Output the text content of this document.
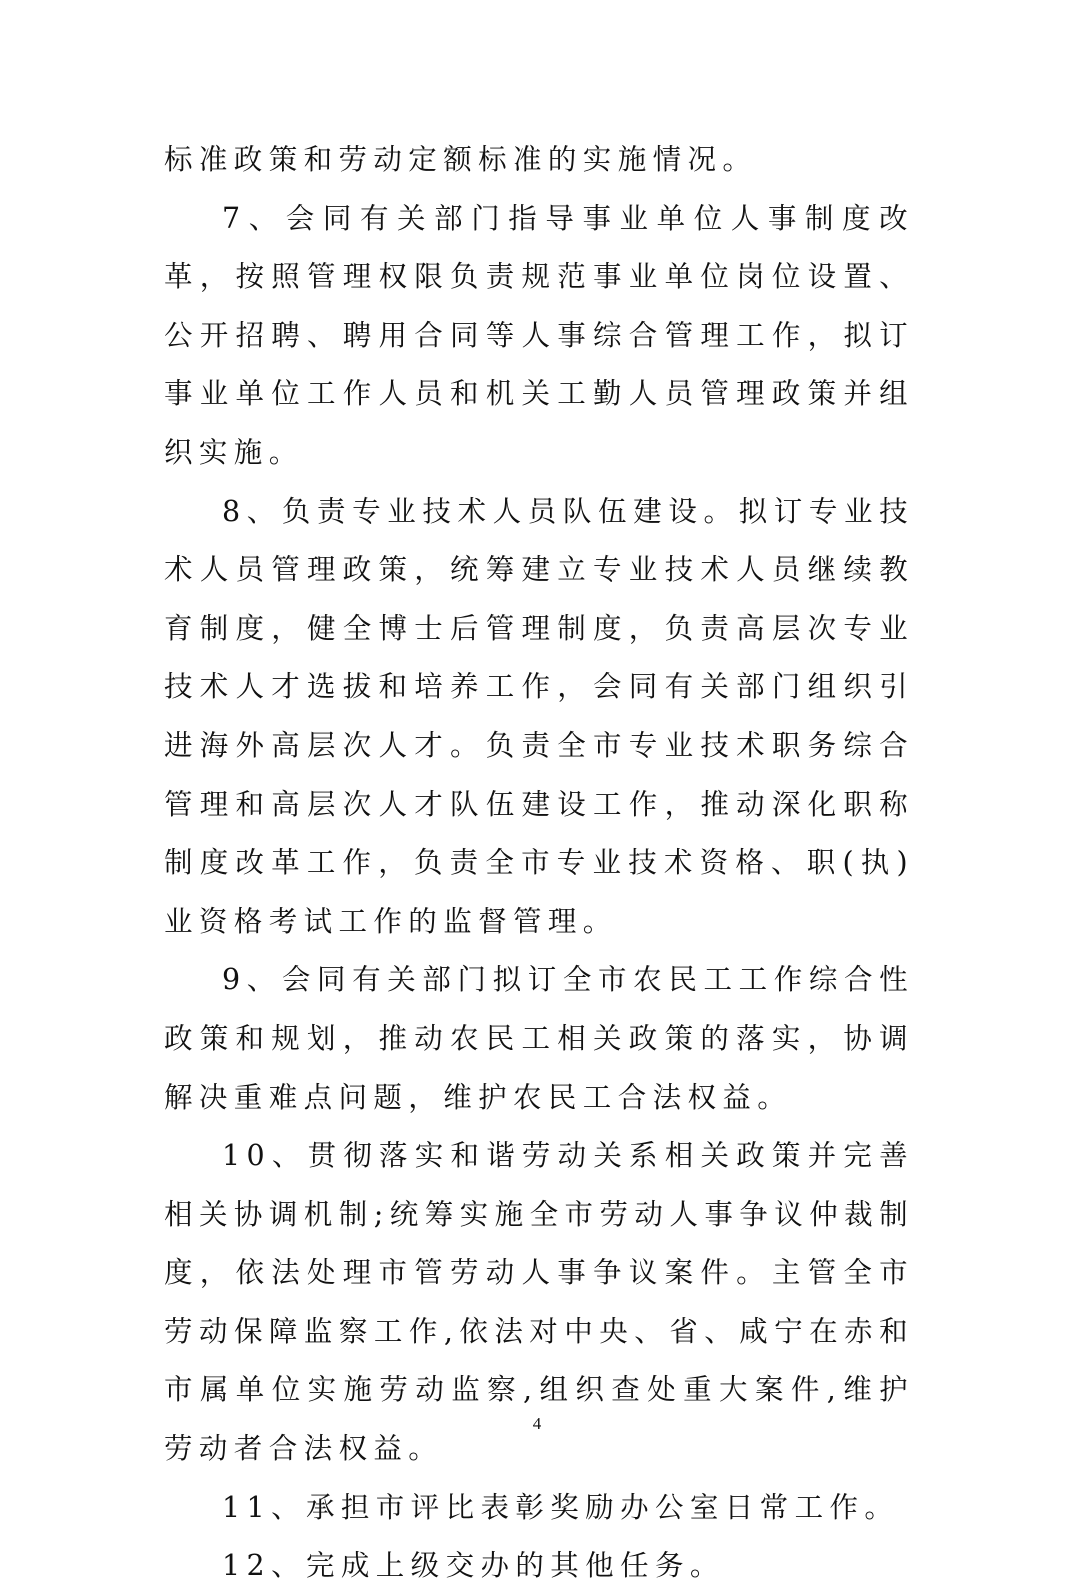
标准政策和劳动定额标准的实施情况。

7、会同有关部门指导事业单位人事制度改革，按照管理权限负责规范事业单位岗位设置、公开招聘、聘用合同等人事综合管理工作，拟订事业单位工作人员和机关工勤人员管理政策并组织实施。

8、负责专业技术人员队伍建设。拟订专业技术人员管理政策，统筹建立专业技术人员继续教育制度，健全博士后管理制度，负责高层次专业技术人才选拔和培养工作，会同有关部门组织引进海外高层次人才。负责全市专业技术职务综合管理和高层次人才队伍建设工作，推动深化职称制度改革工作，负责全市专业技术资格、职(执)业资格考试工作的监督管理。

9、会同有关部门拟订全市农民工工作综合性政策和规划，推动农民工相关政策的落实，协调解决重难点问题，维护农民工合法权益。

10、贯彻落实和谐劳动关系相关政策并完善相关协调机制;统筹实施全市劳动人事争议仲裁制度，依法处理市管劳动人事争议案件。主管全市劳动保障监察工作,依法对中央、省、咸宁在赤和市属单位实施劳动监察,组织查处重大案件,维护劳动者合法权益。

11、承担市评比表彰奖励办公室日常工作。

12、完成上级交办的其他任务。

4
